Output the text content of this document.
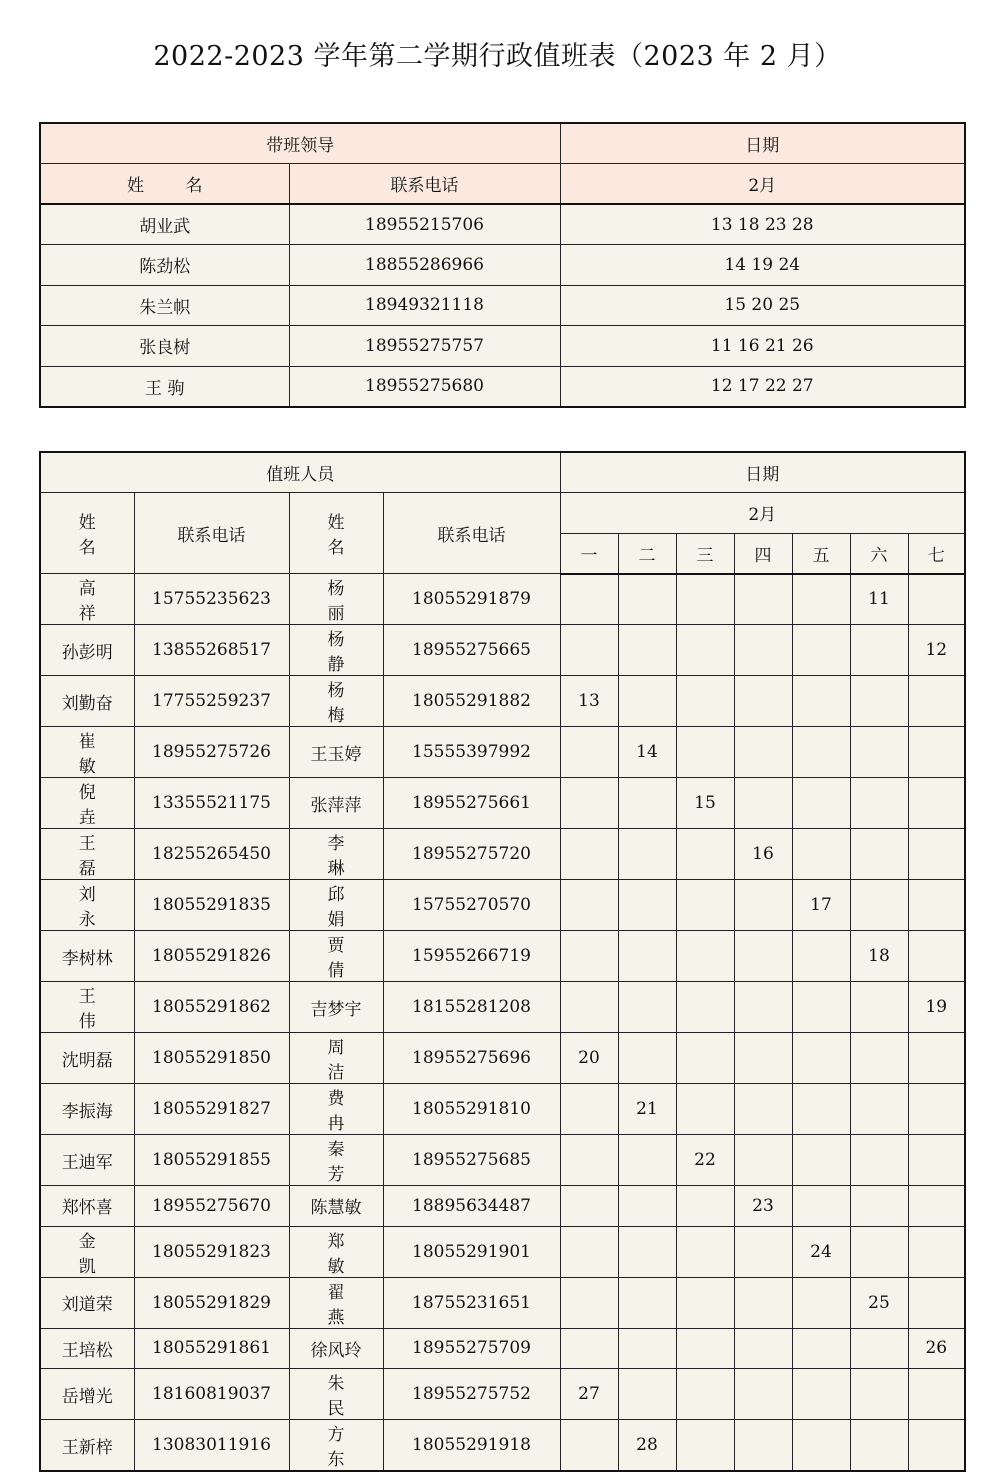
2022-2023 学年第二学期行政值班表（2023 年 2 月）
带班领导		日期
姓 名	联系电话	2月
胡业武	18955215706	13 18 23 28
陈劲松	18855286966	14 19 24
朱兰帜	18949321118	15 20 25
张良树	18955275757	11 16 21 26
王 驹	18955275680	12 17 22 27
值班人员				日期						
姓 名	联系电话	姓 名	联系电话	2月						
				一	二	三	四	五	六	七
高 祥	15755235623	杨 丽	18055291879						11	
孙彭明	13855268517	杨 静	18955275665							12
刘勤奋	17755259237	杨 梅	18055291882	13						
崔 敏	18955275726	王玉婷	15555397992		14					
倪 垚	13355521175	张萍萍	18955275661			15				
王 磊	18255265450	李 琳	18955275720				16			
刘 永	18055291835	邱 娟	15755270570					17		
李树林	18055291826	贾 倩	15955266719						18	
王 伟	18055291862	吉梦宇	18155281208							19
沈明磊	18055291850	周 洁	18955275696	20						
李振海	18055291827	费 冉	18055291810		21					
王迪军	18055291855	秦 芳	18955275685			22				
郑怀喜	18955275670	陈慧敏	18895634487				23			
金 凯	18055291823	郑 敏	18055291901					24		
刘道荣	18055291829	翟 燕	18755231651						25	
王培松	18055291861	徐风玲	18955275709							26
岳增光	18160819037	朱 民	18955275752	27						
王新梓	13083011916	方 东	18055291918		28					
